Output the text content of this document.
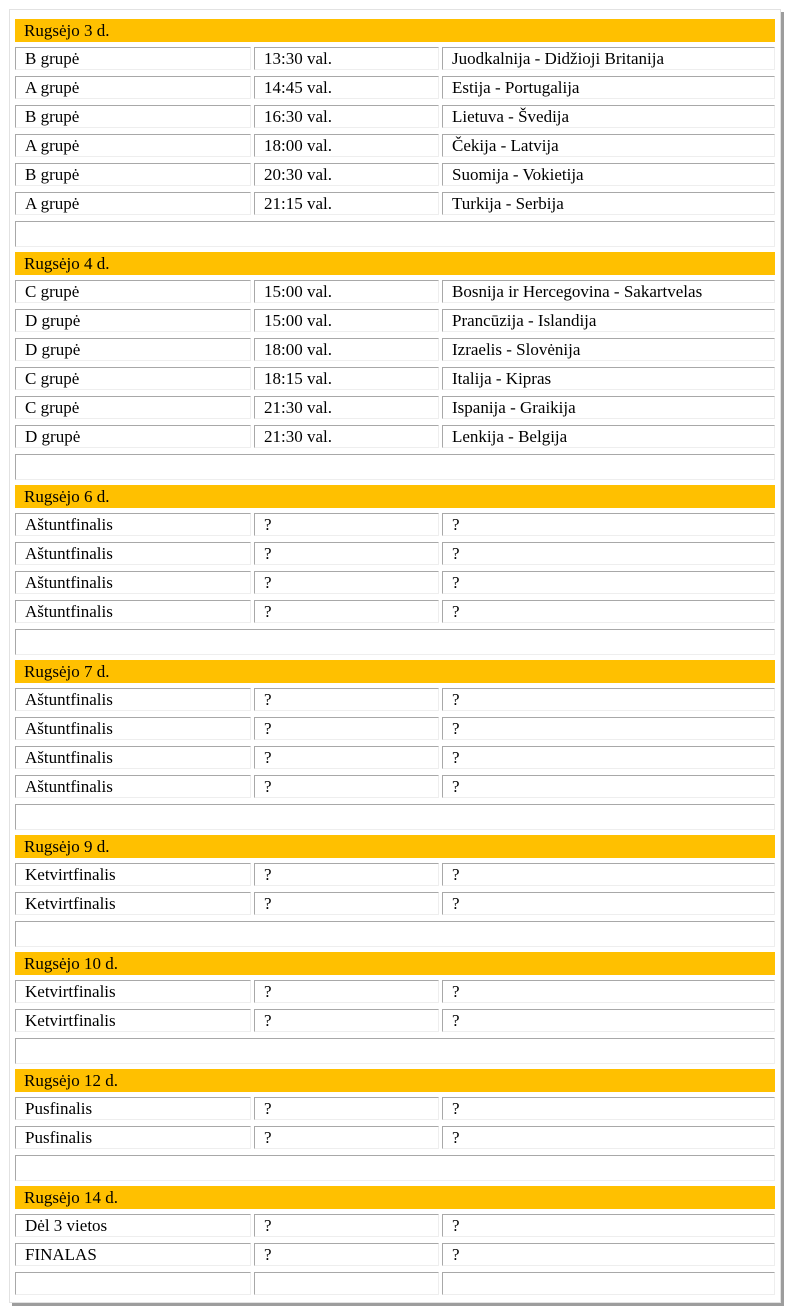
Rugsėjo 3 d.
B grupė	13:30 val.	Juodkalnija - Didžioji Britanija
A grupė	14:45 val.	Estija - Portugalija
B grupė	16:30 val.	Lietuva - Švedija
A grupė	18:00 val.	Čekija - Latvija
B grupė	20:30 val.	Suomija - Vokietija
A grupė	21:15 val.	Turkija - Serbija
Rugsėjo 4 d.
C grupė	15:00 val.	Bosnija ir Hercegovina - Sakartvelas
D grupė	15:00 val.	Prancūzija - Islandija
D grupė	18:00 val.	Izraelis - Slovėnija
C grupė	18:15 val.	Italija - Kipras
C grupė	21:30 val.	Ispanija - Graikija
D grupė	21:30 val.	Lenkija - Belgija
Rugsėjo 6 d.
Aštuntfinalis	?	?
Aštuntfinalis	?	?
Aštuntfinalis	?	?
Aštuntfinalis	?	?
Rugsėjo 7 d.
Aštuntfinalis	?	?
Aštuntfinalis	?	?
Aštuntfinalis	?	?
Aštuntfinalis	?	?
Rugsėjo 9 d.
Ketvirtfinalis	?	?
Ketvirtfinalis	?	?
Rugsėjo 10 d.
Ketvirtfinalis	?	?
Ketvirtfinalis	?	?
Rugsėjo 12 d.
Pusfinalis	?	?
Pusfinalis	?	?
Rugsėjo 14 d.
Dėl 3 vietos	?	?
FINALAS	?	?
